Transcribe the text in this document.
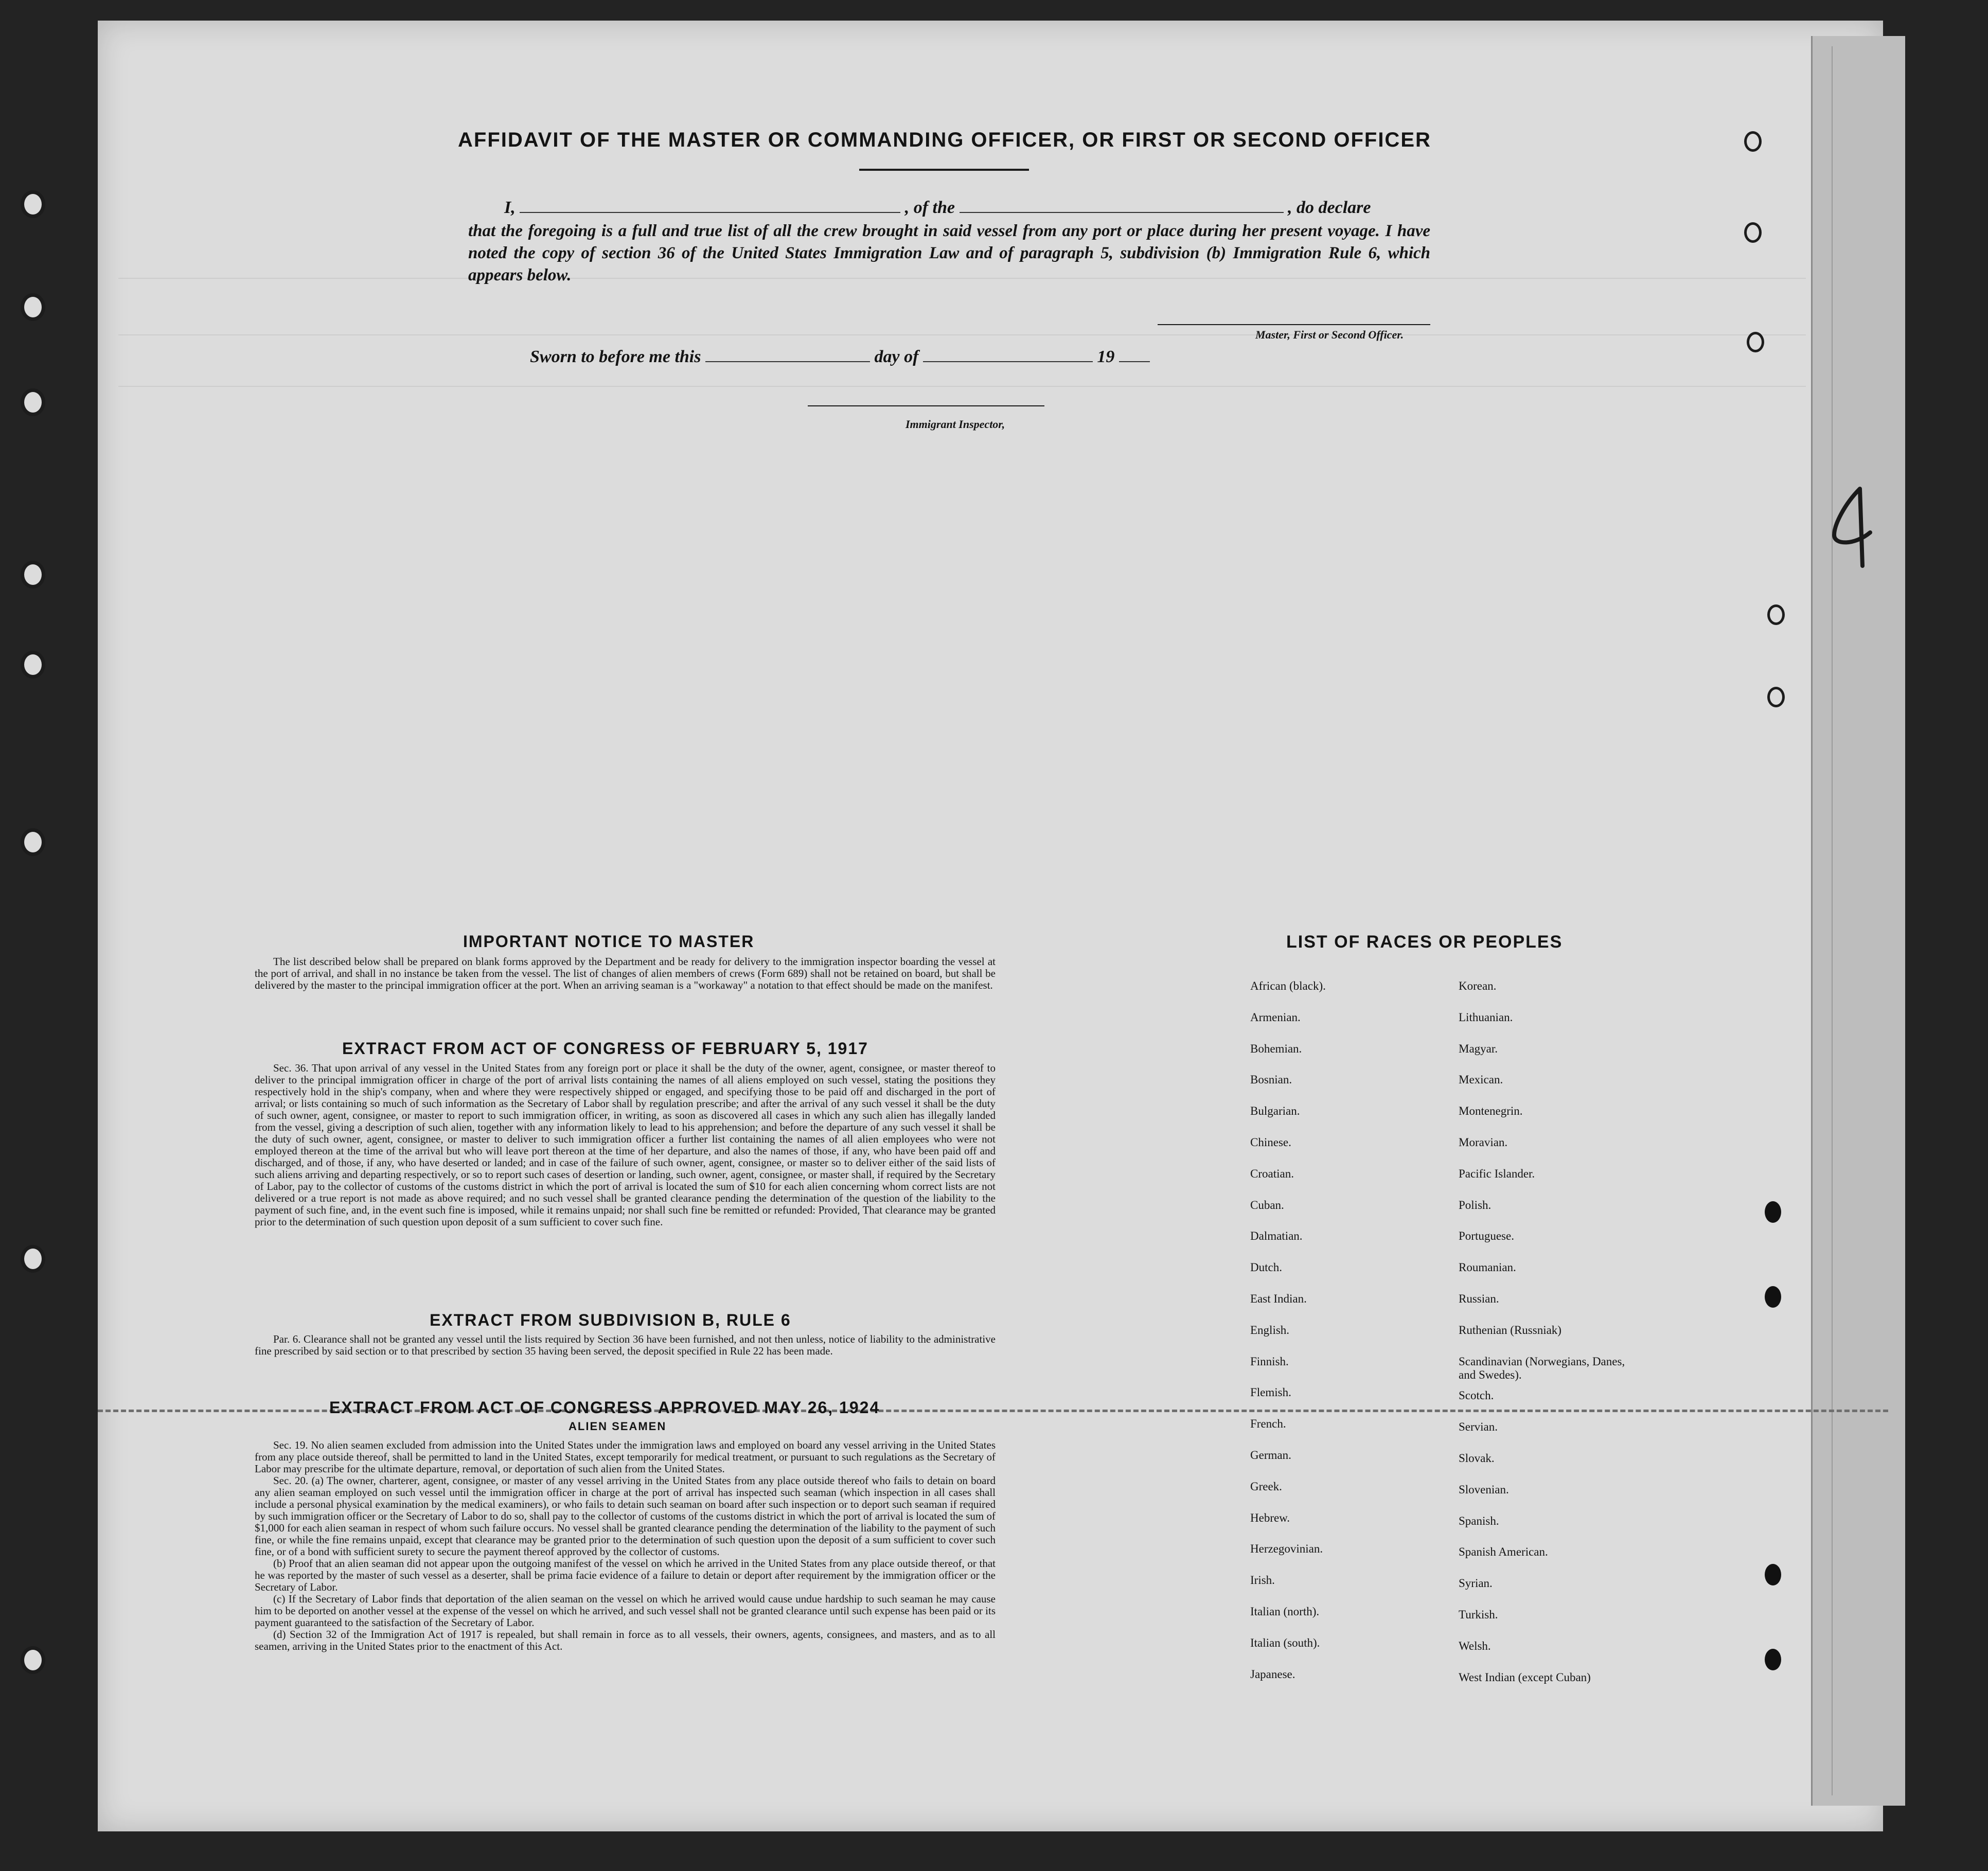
AFFIDAVIT OF THE MASTER OR COMMANDING OFFICER, OR FIRST OR SECOND OFFICER
I,	, of the	, do declare
that the foregoing is a full and true list of all the crew brought in said vessel from any port or place during her present voyage. I have noted the copy of section 36 of the United States Immigration Law and of paragraph 5, subdivision (b) Immigration Rule 6, which appears below.
Master, First or Second Officer.
Sworn to before me this	day of	19
Immigrant Inspector,
IMPORTANT NOTICE TO MASTER

The list described below shall be prepared on blank forms approved by the Department and be ready for delivery to the immigration inspector boarding the vessel at the port of arrival, and shall in no instance be taken from the vessel. The list of changes of alien members of crews (Form 689) shall not be retained on board, but shall be delivered by the master to the principal immigration officer at the port. When an arriving seaman is a "workaway" a notation to that effect should be made on the manifest.

EXTRACT FROM ACT OF CONGRESS OF FEBRUARY 5, 1917

Sec. 36. That upon arrival of any vessel in the United States from any foreign port or place it shall be the duty of the owner, agent, consignee, or master thereof to deliver to the principal immigration officer in charge of the port of arrival lists containing the names of all aliens employed on such vessel, stating the positions they respectively hold in the ship's company, when and where they were respectively shipped or engaged, and specifying those to be paid off and discharged in the port of arrival; or lists containing so much of such information as the Secretary of Labor shall by regulation prescribe; and after the arrival of any such vessel it shall be the duty of such owner, agent, consignee, or master to report to such immigration officer, in writing, as soon as discovered all cases in which any such alien has illegally landed from the vessel, giving a description of such alien, together with any information likely to lead to his apprehension; and before the departure of any such vessel it shall be the duty of such owner, agent, consignee, or master to deliver to such immigration officer a further list containing the names of all alien employees who were not employed thereon at the time of the arrival but who will leave port thereon at the time of her departure, and also the names of those, if any, who have been paid off and discharged, and of those, if any, who have deserted or landed; and in case of the failure of such owner, agent, consignee, or master so to deliver either of the said lists of such aliens arriving and departing respectively, or so to report such cases of desertion or landing, such owner, agent, consignee, or master shall, if required by the Secretary of Labor, pay to the collector of customs of the customs district in which the port of arrival is located the sum of $10 for each alien concerning whom correct lists are not delivered or a true report is not made as above required; and no such vessel shall be granted clearance pending the determination of the question of the liability to the payment of such fine, and, in the event such fine is imposed, while it remains unpaid; nor shall such fine be remitted or refunded: Provided, That clearance may be granted prior to the determination of such question upon deposit of a sum sufficient to cover such fine.

EXTRACT FROM SUBDIVISION B, RULE 6

Par. 6. Clearance shall not be granted any vessel until the lists required by Section 36 have been furnished, and not then unless, notice of liability to the administrative fine prescribed by said section or to that prescribed by section 35 having been served, the deposit specified in Rule 22 has been made.

EXTRACT FROM ACT OF CONGRESS APPROVED MAY 26, 1924
ALIEN SEAMEN

Sec. 19. No alien seamen excluded from admission into the United States under the immigration laws and employed on board any vessel arriving in the United States from any place outside thereof, shall be permitted to land in the United States, except temporarily for medical treatment, or pursuant to such regulations as the Secretary of Labor may prescribe for the ultimate departure, removal, or deportation of such alien from the United States.

Sec. 20. (a) The owner, charterer, agent, consignee, or master of any vessel arriving in the United States from any place outside thereof who fails to detain on board any alien seaman employed on such vessel until the immigration officer in charge at the port of arrival has inspected such seaman (which inspection in all cases shall include a personal physical examination by the medical examiners), or who fails to detain such seaman on board after such inspection or to deport such seaman if required by such immigration officer or the Secretary of Labor to do so, shall pay to the collector of customs of the customs district in which the port of arrival is located the sum of $1,000 for each alien seaman in respect of whom such failure occurs. No vessel shall be granted clearance pending the determination of the liability to the payment of such fine, or while the fine remains unpaid, except that clearance may be granted prior to the determination of such question upon the deposit of a sum sufficient to cover such fine, or of a bond with sufficient surety to secure the payment thereof approved by the collector of customs.

(b) Proof that an alien seaman did not appear upon the outgoing manifest of the vessel on which he arrived in the United States from any place outside thereof, or that he was reported by the master of such vessel as a deserter, shall be prima facie evidence of a failure to detain or deport after requirement by the immigration officer or the Secretary of Labor.

(c) If the Secretary of Labor finds that deportation of the alien seaman on the vessel on which he arrived would cause undue hardship to such seaman he may cause him to be deported on another vessel at the expense of the vessel on which he arrived, and such vessel shall not be granted clearance until such expense has been paid or its payment guaranteed to the satisfaction of the Secretary of Labor.

(d) Section 32 of the Immigration Act of 1917 is repealed, but shall remain in force as to all vessels, their owners, agents, consignees, and masters, and as to all seamen, arriving in the United States prior to the enactment of this Act.

LIST OF RACES OR PEOPLES
African (black).
Armenian.
Bohemian.
Bosnian.
Bulgarian.
Chinese.
Croatian.
Cuban.
Dalmatian.
Dutch.
East Indian.
English.
Finnish.
Flemish.
French.
German.
Greek.
Hebrew.
Herzegovinian.
Irish.
Italian (north).
Italian (south).
Japanese.
Korean.
Lithuanian.
Magyar.
Mexican.
Montenegrin.
Moravian.
Pacific Islander.
Polish.
Portuguese.
Roumanian.
Russian.
Ruthenian (Russniak)
Scandinavian (Norwegians, Danes, and Swedes).
Scotch.
Servian.
Slovak.
Slovenian.
Spanish.
Spanish American.
Syrian.
Turkish.
Welsh.
West Indian (except Cuban)
